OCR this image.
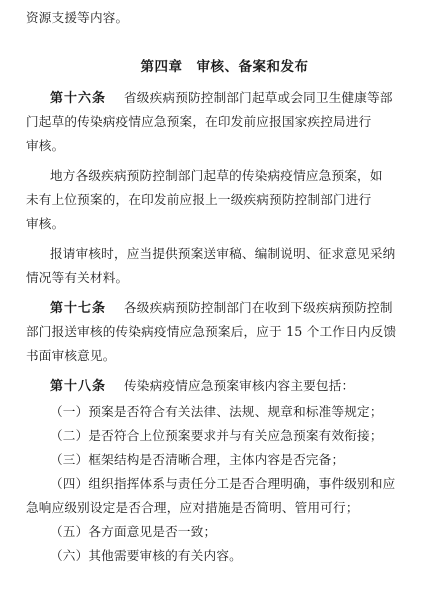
资源支援等内容。
第四章 审核、备案和发布
第十六条 省级疾病预防控制部门起草或会同卫生健康等部
门起草的传染病疫情应急预案，在印发前应报国家疾控局进行
审核。
地方各级疾病预防控制部门起草的传染病疫情应急预案，如
未有上位预案的，在印发前应报上一级疾病预防控制部门进行
审核。
报请审核时，应当提供预案送审稿、编制说明、征求意见采纳
情况等有关材料。
第十七条 各级疾病预防控制部门在收到下级疾病预防控制
部门报送审核的传染病疫情应急预案后，应于 15 个工作日内反馈
书面审核意见。
第十八条 传染病疫情应急预案审核内容主要包括：
（一）预案是否符合有关法律、法规、规章和标准等规定；
（二）是否符合上位预案要求并与有关应急预案有效衔接；
（三）框架结构是否清晰合理，主体内容是否完备；
（四）组织指挥体系与责任分工是否合理明确，事件级别和应
急响应级别设定是否合理，应对措施是否简明、管用可行；
（五）各方面意见是否一致；
（六）其他需要审核的有关内容。
